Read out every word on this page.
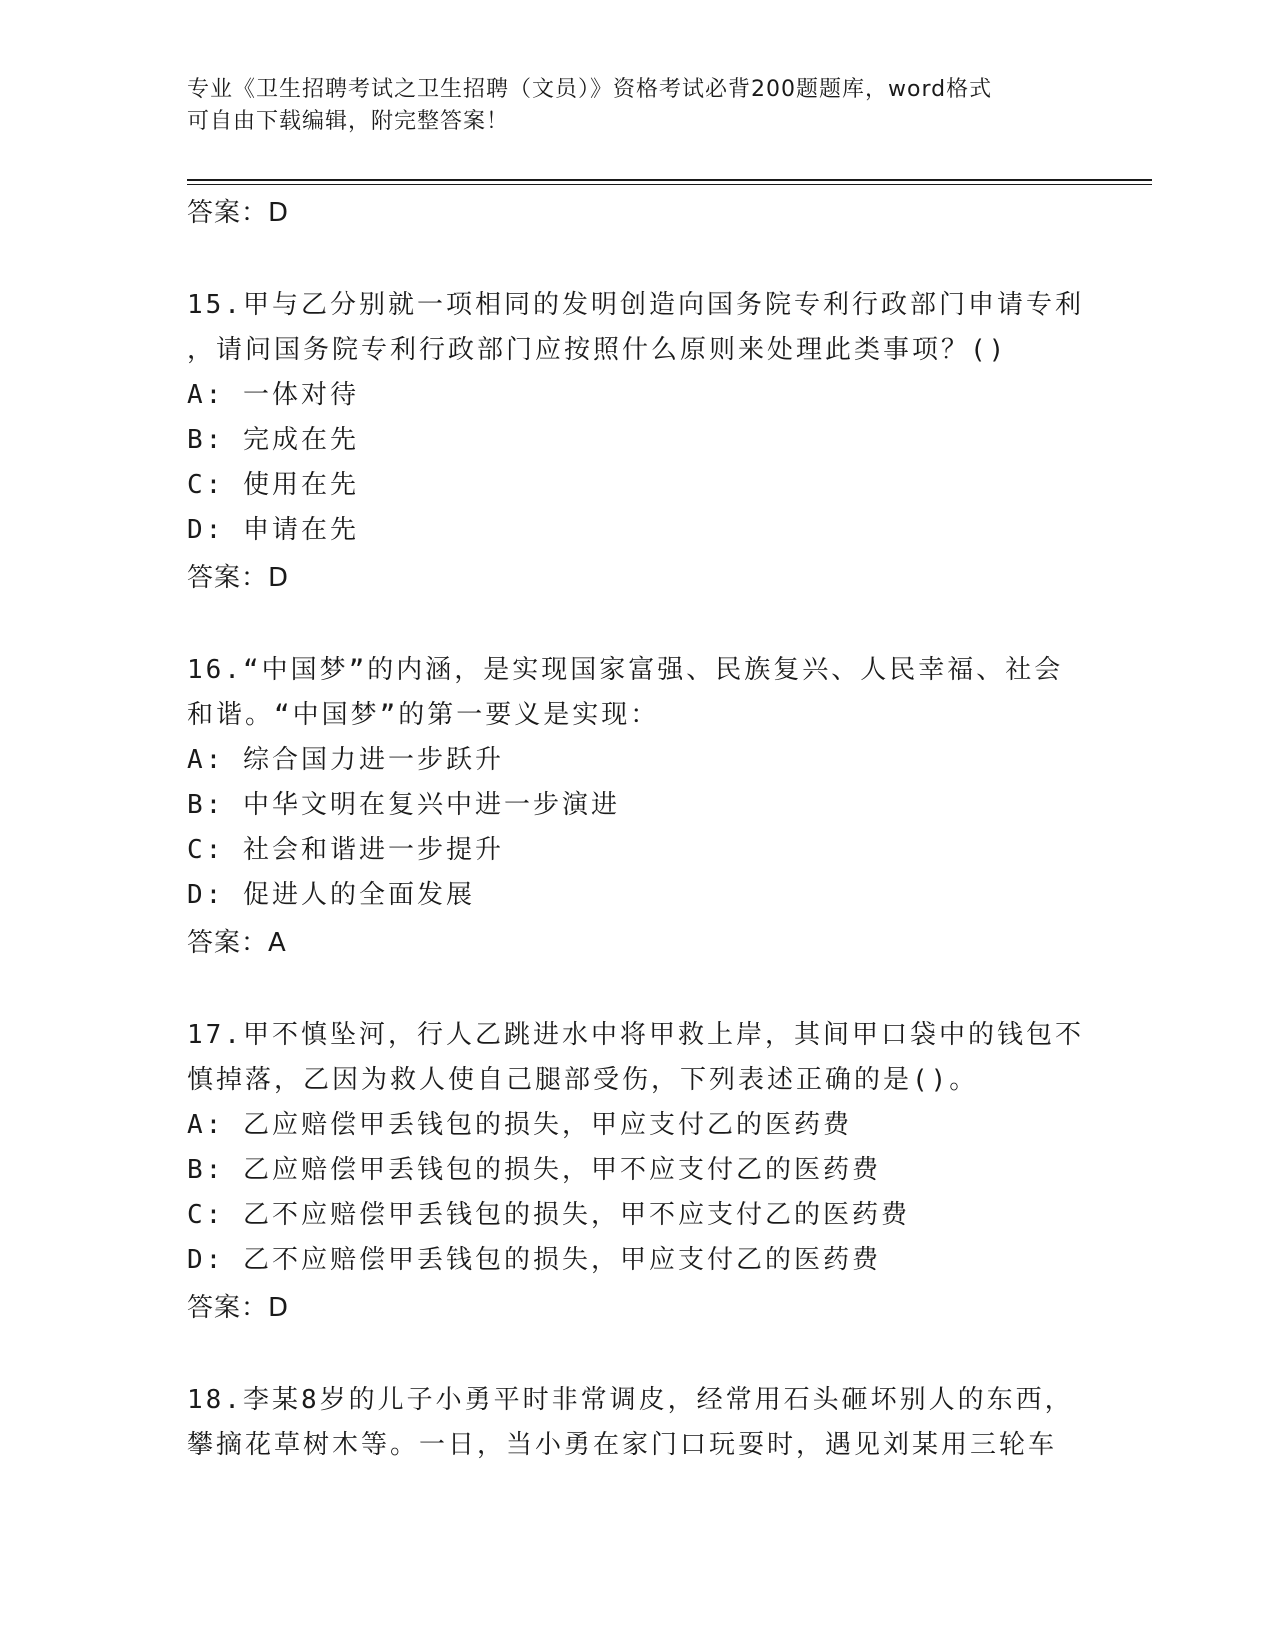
专业《卫生招聘考试之卫生招聘（文员）》资格考试必背200题题库，word格式
可自由下载编辑，附完整答案！
答案：D
15.甲与乙分别就一项相同的发明创造向国务院专利行政部门申请专利
，请问国务院专利行政部门应按照什么原则来处理此类事项？()
A: 一体对待
B: 完成在先
C: 使用在先
D: 申请在先
答案：D
16.“中国梦”的内涵，是实现国家富强、民族复兴、人民幸福、社会
和谐。“中国梦”的第一要义是实现：
A: 综合国力进一步跃升
B: 中华文明在复兴中进一步演进
C: 社会和谐进一步提升
D: 促进人的全面发展
答案：A
17.甲不慎坠河，行人乙跳进水中将甲救上岸，其间甲口袋中的钱包不
慎掉落，乙因为救人使自己腿部受伤，下列表述正确的是()。
A: 乙应赔偿甲丢钱包的损失，甲应支付乙的医药费
B: 乙应赔偿甲丢钱包的损失，甲不应支付乙的医药费
C: 乙不应赔偿甲丢钱包的损失，甲不应支付乙的医药费
D: 乙不应赔偿甲丢钱包的损失，甲应支付乙的医药费
答案：D
18.李某8岁的儿子小勇平时非常调皮，经常用石头砸坏别人的东西，
攀摘花草树木等。一日，当小勇在家门口玩耍时，遇见刘某用三轮车
